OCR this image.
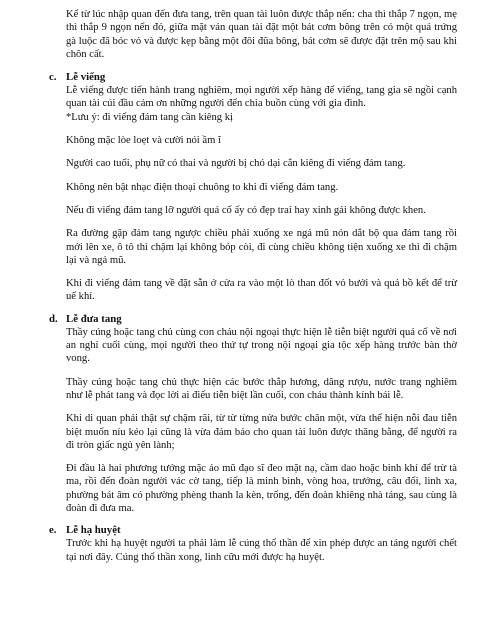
Kể từ lúc nhập quan đến đưa tang, trên quan tài luôn được thắp nến: cha thì thắp 7 ngọn, mẹ thì thắp 9 ngọn nến đỏ, giữa mặt ván quan tài đặt một bát cơm bông trên có một quả trứng gà luộc đã bóc vỏ và được kẹp bằng một đôi đũa bông, bát cơm sẽ được đặt trên mộ sau khi chôn cất.

c. Lễ viếng

Lễ viếng được tiến hành trang nghiêm, mọi người xếp hàng để viếng, tang gia sẽ ngồi cạnh quan tài cúi đầu cảm ơn những người đến chia buồn cùng với gia đình.

*Lưu ý: đi viếng đám tang cần kiêng kị

Không mặc lòe loẹt và cười nói ầm ĩ

Người cao tuổi, phụ nữ có thai và người bị chó dại cắn kiêng đi viếng đám tang.

Không nên bật nhạc điện thoại chuông to khi đi viếng đám tang.

Nếu đi viếng đám tang lỡ người quá cố ấy có đẹp trai hay xinh gái không được khen.

Ra đường gặp đám tang ngược chiều phải xuống xe ngả mũ nón dắt bộ qua đám tang rồi mới lên xe, ô tô thì chậm lại không bóp còi, đi cùng chiều không tiện xuống xe thì đi chậm lại và ngả mũ.

Khi đi viếng đám tang về đặt sẵn ở cửa ra vào một lò than đốt vỏ bưởi và quả bồ kết để trừ uế khí.

d. Lễ đưa tang

Thầy cúng hoặc tang chủ cùng con cháu nội ngoại thực hiện lễ tiễn biệt người quá cố về nơi an nghỉ cuối cùng, mọi người theo thứ tự trong nội ngoại gia tộc xếp hàng trước bàn thờ vong.

Thầy cúng hoặc tang chủ thực hiện các bước thắp hương, dâng rượu, nước trang nghiêm như lễ phát tang và đọc lời ai điếu tiễn biệt lần cuối, con cháu thành kính bái lễ.

Khi di quan phải thật sự chậm rãi, từ từ từng nửa bước chân một, vừa thể hiện nỗi đau tiễn biệt muốn níu kéo lại cũng là vừa đảm bảo cho quan tài luôn được thăng bằng, để người ra đi tròn giấc ngủ yên lành;

Đi đầu là hai phương tướng mặc áo mũ đạo sĩ đeo mặt nạ, cầm dao hoặc binh khí để trừ tà ma, rồi đến đoàn người vác cờ tang, tiếp là minh bình, vòng hoa, trướng, câu đối, linh xa, phường bát âm có phường phèng thanh la kèn, trống, đến đoàn khiêng nhà táng, sau cùng là đoàn đi đưa ma.

e. Lễ hạ huyệt

Trước khi hạ huyệt người ta phải làm lễ cúng thổ thần để xin phép được an táng người chết tại nơi đây. Cúng thổ thần xong, linh cữu mới được hạ huyệt.
